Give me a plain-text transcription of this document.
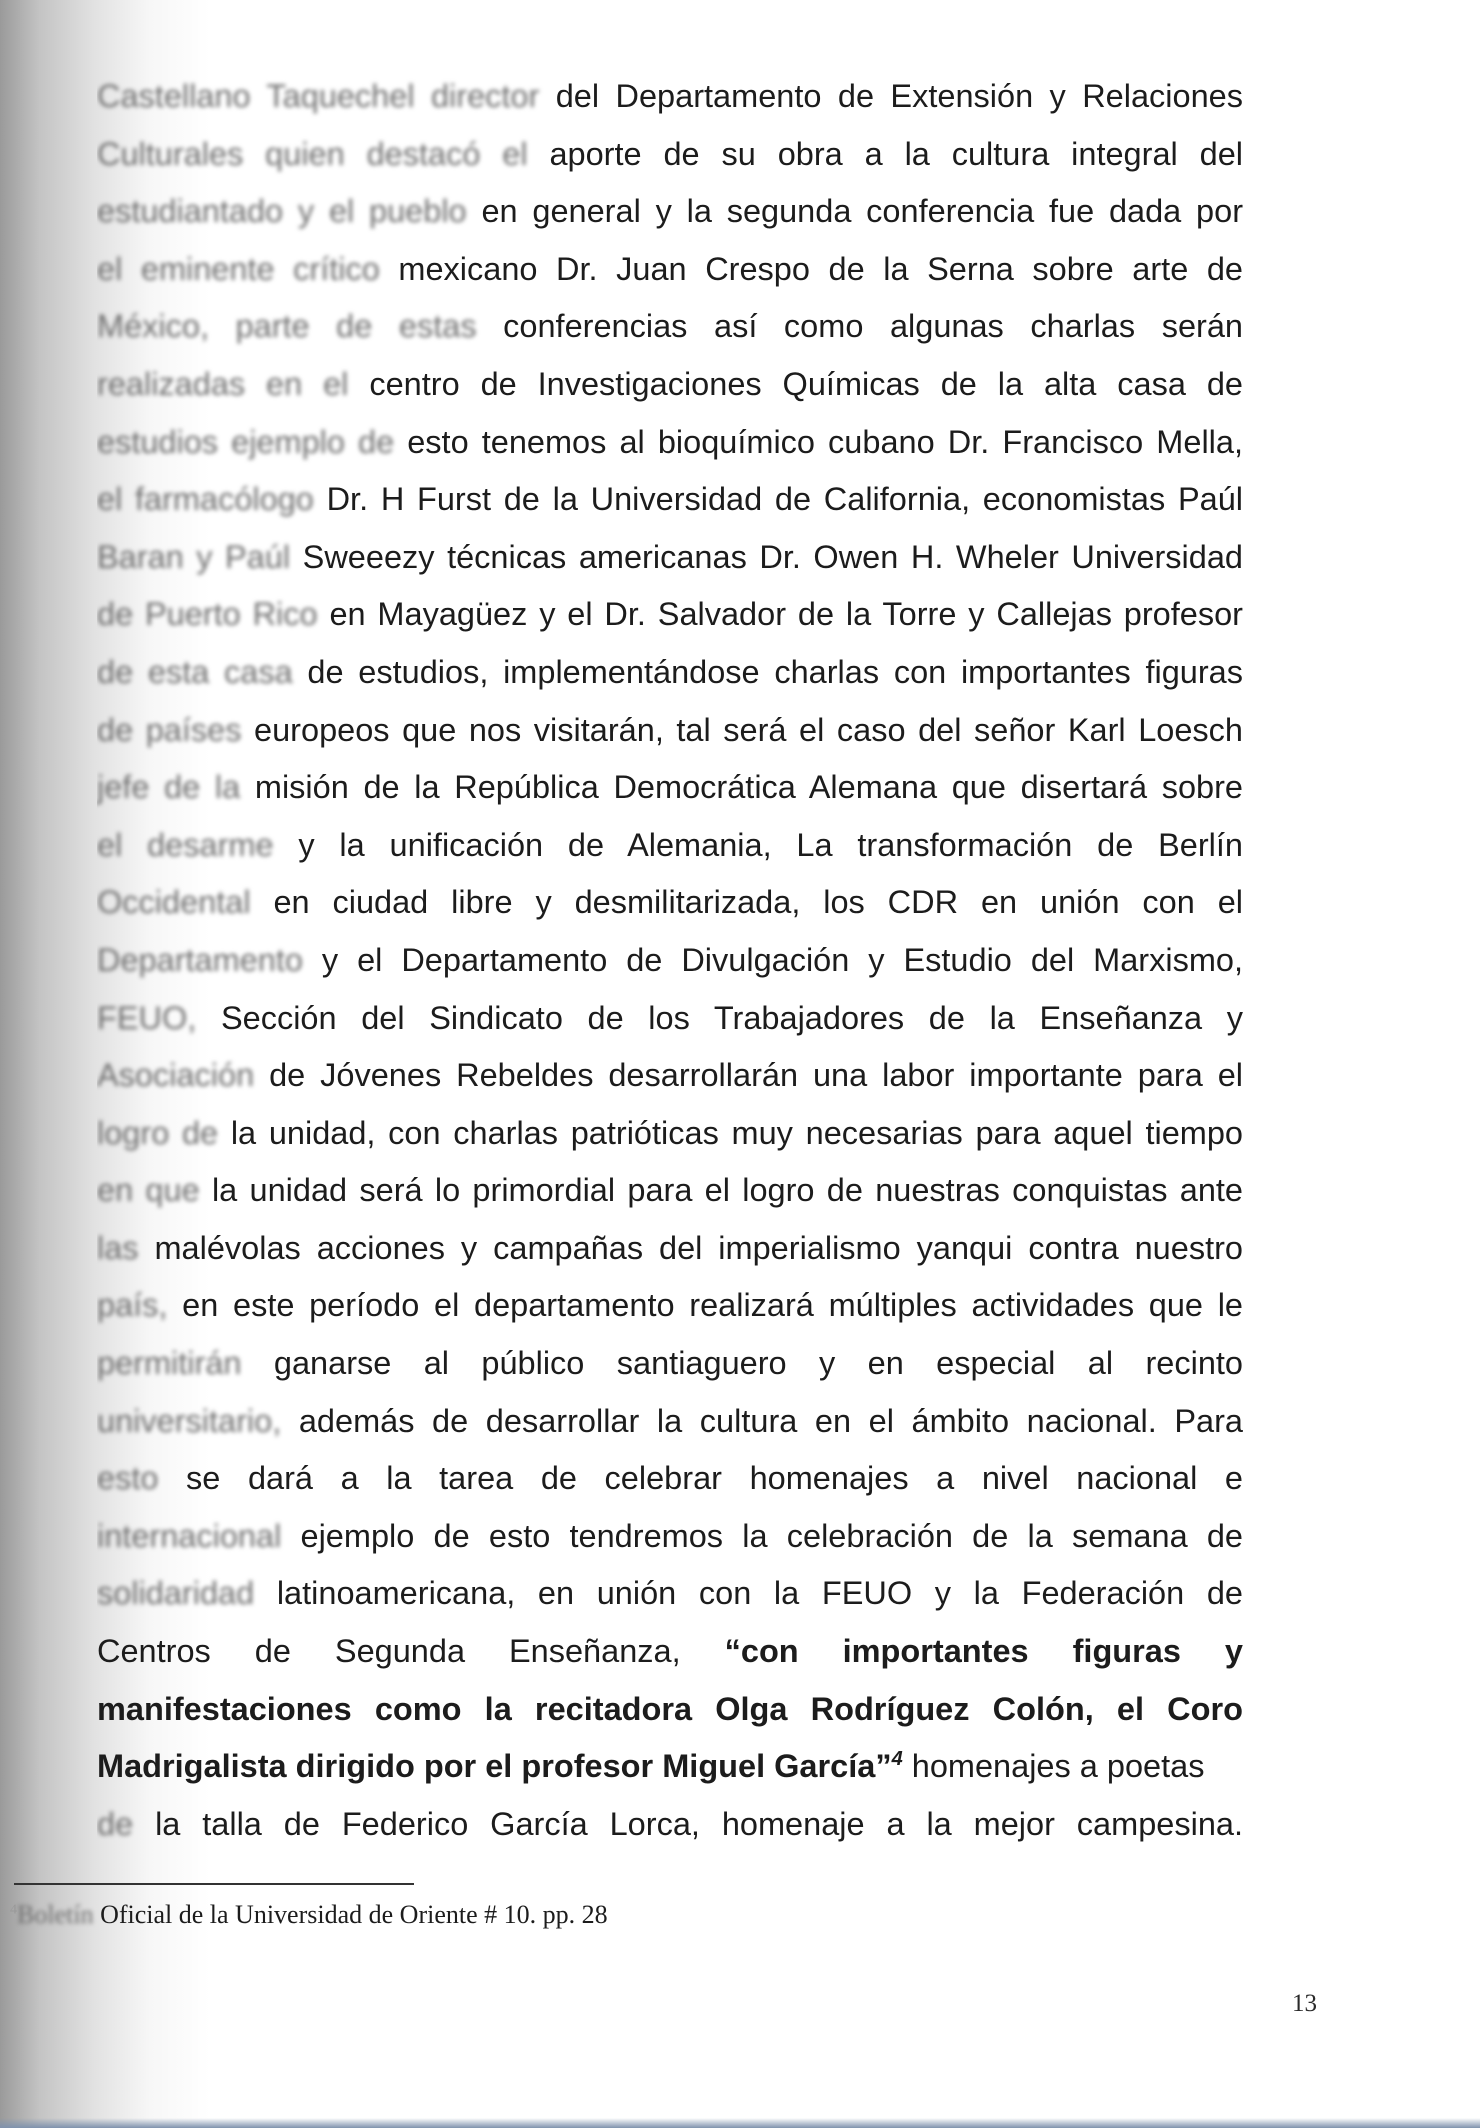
Castellano Taquechel director del Departamento de Extensión y Relaciones
Culturales quien destacó el aporte de su obra a la cultura integral del
estudiantado y el pueblo en general y la segunda conferencia fue dada por
el eminente crítico mexicano Dr. Juan Crespo de la Serna sobre arte de
México, parte de estas conferencias así como algunas charlas serán
realizadas en el centro de Investigaciones Químicas de la alta casa de
estudios ejemplo de esto tenemos al bioquímico cubano Dr. Francisco Mella,
el farmacólogo Dr. H Furst de la Universidad de California, economistas Paúl
Baran y Paúl Sweeezy técnicas americanas Dr. Owen H. Wheler Universidad
de Puerto Rico en Mayagüez y el Dr. Salvador de la Torre y Callejas profesor
de esta casa de estudios, implementándose charlas con importantes figuras
de países europeos que nos visitarán, tal será el caso del señor Karl Loesch
jefe de la misión de la República Democrática Alemana que disertará sobre
el desarme y la unificación de Alemania, La transformación de Berlín
Occidental en ciudad libre y desmilitarizada, los CDR en unión con el
Departamento y el Departamento de Divulgación y Estudio del Marxismo,
FEUO, Sección del Sindicato de los Trabajadores de la Enseñanza y
Asociación de Jóvenes Rebeldes desarrollarán una labor importante para el
logro de la unidad, con charlas patrióticas muy necesarias para aquel tiempo
en que la unidad será lo primordial para el logro de nuestras conquistas ante
las malévolas acciones y campañas del imperialismo yanqui contra nuestro
país, en este período el departamento realizará múltiples actividades que le
permitirán ganarse al público santiaguero y en especial al recinto
universitario, además de desarrollar la cultura en el ámbito nacional. Para
esto se dará a la tarea de celebrar homenajes a nivel nacional e
internacional ejemplo de esto tendremos la celebración de la semana de
solidaridad latinoamericana, en unión con la FEUO y la Federación de
Centros de Segunda Enseñanza, “con importantes figuras y
manifestaciones como la recitadora Olga Rodríguez Colón, el Coro
Madrigalista dirigido por el profesor Miguel García”$^4$ homenajes a poetas
de la talla de Federico García Lorca, homenaje a la mejor campesina.
$^4$Boletín Oficial de la Universidad de Oriente # 10. pp. 28
13
